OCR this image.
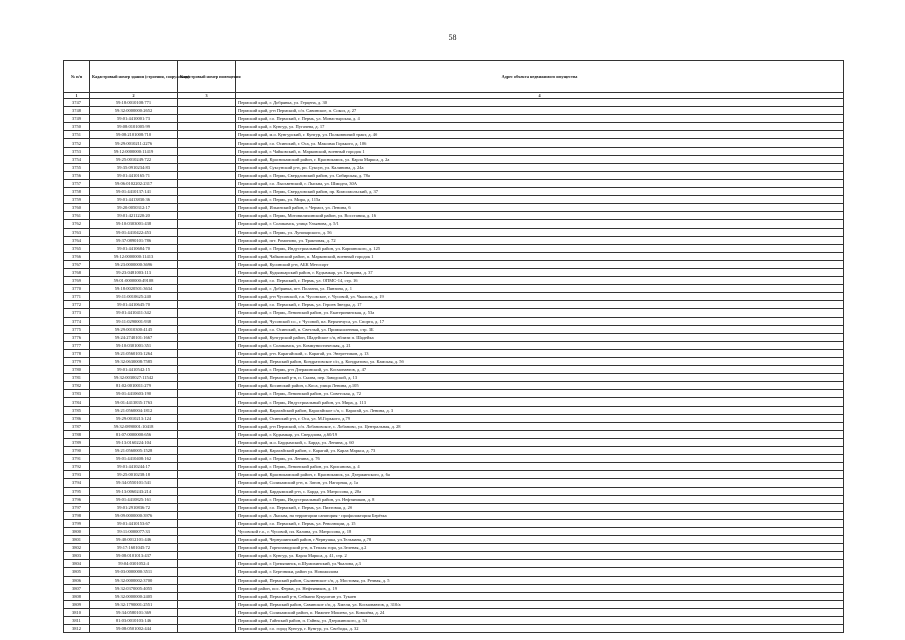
58
№ п/п	Кадастровый номер здания (строения, сооружения)	Кадастровый номер помещения	Адрес объекта недвижимого имущества
1	2	3	4
3747	59:18:0010108:771		Пермский край, г. Добрянка, ул. Герцена, д. 30
3748	59:32:0000000:2652		Пермский край, р-н Пермский, с/п. Савинское, п. Сокол, д. 27
3749	59:01:4410001:73		Пермский край, г.о. Пермский, г. Пермь, ул. Монастырская, д. 4
3750	59:08:0101005:99		Пермский край, г. Кунгур, ул. Пугачева, д. 17
3751	59:08:2101008:710		Пермский край, м.о. Кунгурский, г. Кунгур, ул. Полковничий тракт, д. 4б
3752	59:29:0010211:2276		Пермский край, г.о. Осинский, г. Оса, ул. Максима Горького, д. 106
3753	59:12:0000000:11419		Пермский край, г. Чайковский, п. Марковский, военный городок 1
3754	59:25:0010249:722		Пермский край, Краснокамский район, г. Краснокамск, ул. Карла Маркса, д. 2а
3755	59:35:0910234:83		Пермский край, Суксунский р-н, рп. Суксун, ул. Калинина, д. 24а
3756	59:01:4410165:71		Пермский край, г. Пермь, Свердловский район, ул. Сибирская, д. 78а
3757	59:06:0102202:2317		Пермский край, г.о. Лысьвенский, г. Лысьва, ул. Шмидта, 30А
3758	59:01:4410137:141		Пермский край, г. Пермь, Свердловский район, пр. Комсомольский, д. 37
3759	59:01:4413830:36		Пермский край, г. Пермь, ул. Мира, д. 115а
3760	59:20:0050312:17		Пермский край, Ильинский район, г. Чермоз, ул. Ленина, 6
3761	59:01:4211220:20		Пермский край, г. Пермь, Мотовилихинский район, ул. Восстания, д. 16
3762	59:10:0303001:438		Пермский край, г. Соликамск, улица Ульянова, д. 5/1
3763	59:01:4410422:453		Пермский край, г. Пермь, ул. Луначарского, д. 56
3764	59:37:0890101:786		Пермский край, пгт. Ромоново, ул. Трактовая, д. 72
3765	59:01:4410684:70		Пермский край, г. Пермь, Индустриальный район, ул. Карпинского, д. 125
3766	59:12:0000000:11413		Пермский край, Чайковский район, п. Марковский, военный городок 1
3767	59:23:0000000:3696		Пермский край, Кусинский р-н, АБК Метосорт
3768	59:23:0481003:113		Пермский край, Кудымкарский район, г. Кудымкар, ул. Гагарина, д. 37
3769	59:01:0000000:49108		Пермский край, г.о. Пермский, г. Пермь, ул. ОПМС-14, стр. 16
3770	59:18:0020501:3634		Пермский край, г. Добрянка, пгт. Полазна, ул. Пянзина, д. 1
3771	59:11:0010625:240		Пермский край, р-н Чусовской, г.п. Чусовское, г. Чусовой, ул. Чкалова, д. 19
3772	59:01:4410645:70		Пермский край, г.о. Пермский, г. Пермь, ул. Героев Звезды, д. 17
3773	59:01:4410411:342		Пермский край, г. Пермь, Ленинский район, ул. Екатерининская, д. 53а
3774	59:11:0290001:938		Пермский край, Чусовской г.о., г. Чусовой, пл. Верхнечуса, ул. Спорта, д. 17
3775	59:29:0010300:4145		Пермский край, г.о. Осинский, п. Светлый, ул. Промышленная, стр. 3Б
3776	59:24:2740101:1667		Пермский край, Кунгурский район, Шадейское с/п, вблизи п. Шадейка
3777	59:10:0301001:351		Пермский край, г. Соликамск, ул. Коммунистическая, д. 21
3778	59:21:0560103:1264		Пермский край, р-н. Карагайский, с. Карагай, ул. Энергетиков, д. 13
3779	59:32:0630008:7585		Пермский край, Пермский район, Кондратовское с/п, д. Кондратово, ул. Камская, д. 5б
3780	59:01:4410542:15		Пермский край, г. Пермь, р-н Дзержинский, ул. Космонавтов, д. 47
3781	59:32:0030027:11542		Пермский край, Пермский р-н, п. Сылва, пер. Заводской, д. 13
3782	81:02:0010011:279		Пермский край, Косинский район, с.Коса, улица Ленина, д.105
3783	59:01:4410603:190		Пермский край, г. Пермь, Ленинский район, ул. Советская, д. 72
3784	59:01:4413835:1763		Пермский край, г. Пермь, Индустриальный район, ул. Мира, д. 113
3785	59:21:0560004:1812		Пермский край, Карагайский район, Карагайское с/п, с. Карагай, ул. Ленина, д. 3
3786	59:29:0010213:124		Пермский край, Осинский р-н, г. Оса, ул. М.Горького, д.79
3787	59:32:0890001:10418		Пермский край, р-н Пермский, с/п. Лобановское, с. Лобаново, ул. Центральная, д. 28
3788	81:07:0000000:656		Пермский край, г. Кудымкар, ул. Свердлова, д.60/19
3789	59:13:0160224:104		Пермский край, м.о. Бардымский, с. Барда, ул. Ленина, д. 60
3790	59:21:0560005:1528		Пермский край, Карагайский район, с. Карагай, ул. Карла Маркса, д. 73
3791	59:01:4410408:162		Пермский край, г. Пермь, ул. Ленина, д. 76
3792	59:01:4410244:17		Пермский край, г. Пермь, Ленинский район, ул. Крисанова, д. 4
3793	59:25:0010238:18		Пермский край, Краснокамский район, г. Краснокамск, ул. Дзержинского, д. 6а
3794	59:34:0550101:541		Пермский край, Соликамский р-н, п. Затон, ул. Нагорная, д. 1а
3795	59:13:0060243:214		Пермский край, Бардымский р-н, с. Барда, ул. Матросова, д. 20а
3796	59:01:4410825:161		Пермский край, г. Пермь, Индустриальный район, ул. Нефтяников, д. 8
3797	59:01:2910836:72		Пермский край, г.о. Пермский, г. Пермь, ул. Пихтовая, д. 2б
3798	59:09:0000000:3976		Пермский край, г. Лысьва, на территории санатория - профилактория Берёзка
3799	59:01:4410153:67		Пермский край, г.о. Пермский, г. Пермь, ул. Революции, д. 15
3800	59:11:0000077:33		Чусовской г.о., г. Чусовой, пл. Калина, ул. Матросова, д. 18
3801	59:40:0012101:446		Пермский край, Чернушинский район, г.Чернушка, ул.Тельмана, д.78
3802	59:17:1601045:72		Пермский край, Горнозаводский р-н, п.Теплая гора, ул.Зеленая, д.2
3803	59:08:0101013:437		Пермский край, г. Кунгур, ул. Карла Маркса, д. 41, стр. 2
3804	59:04:0301052:4		Пермский край, г. Гремячинск, п.Шумихинский, ул.Чкалова, д.3
3805	59:03:0000000:3511		Пермский край, г. Березники, район ул. Новожилова
3806	59:32:0000002:3700		Пермский край, Пермский район, Сылвенское с/п, д. Мостовая, ул. Речная, д. 5
3807	59:32:0370005:4055		Пермский район, пос. Ферма, ул. Нефтяников, д. 19
3808	59:32:0000000:2405		Пермский край, Пермский р-н, Сейкино Кукуштан ул. Тукаев
3809	59:32:1790001:2551		Пермский край, Пермский район, Савинское с/п, д. Хмели, ул. Космонавтов, д. 310/а
3810	59:34:0580101:369		Пермский край, Соликамский район, п. Нижнее Мошево, ул. Ковалёва, д. 24
3811	81:03:0010103:146		Пермский край, Гайнский район, п. Гайны, ул. Дзержинского, д. 54
3812	59:08:0501002:444		Пермский край, г.о. город Кунгур, г. Кунгур, ул. Свободы, д. 32
